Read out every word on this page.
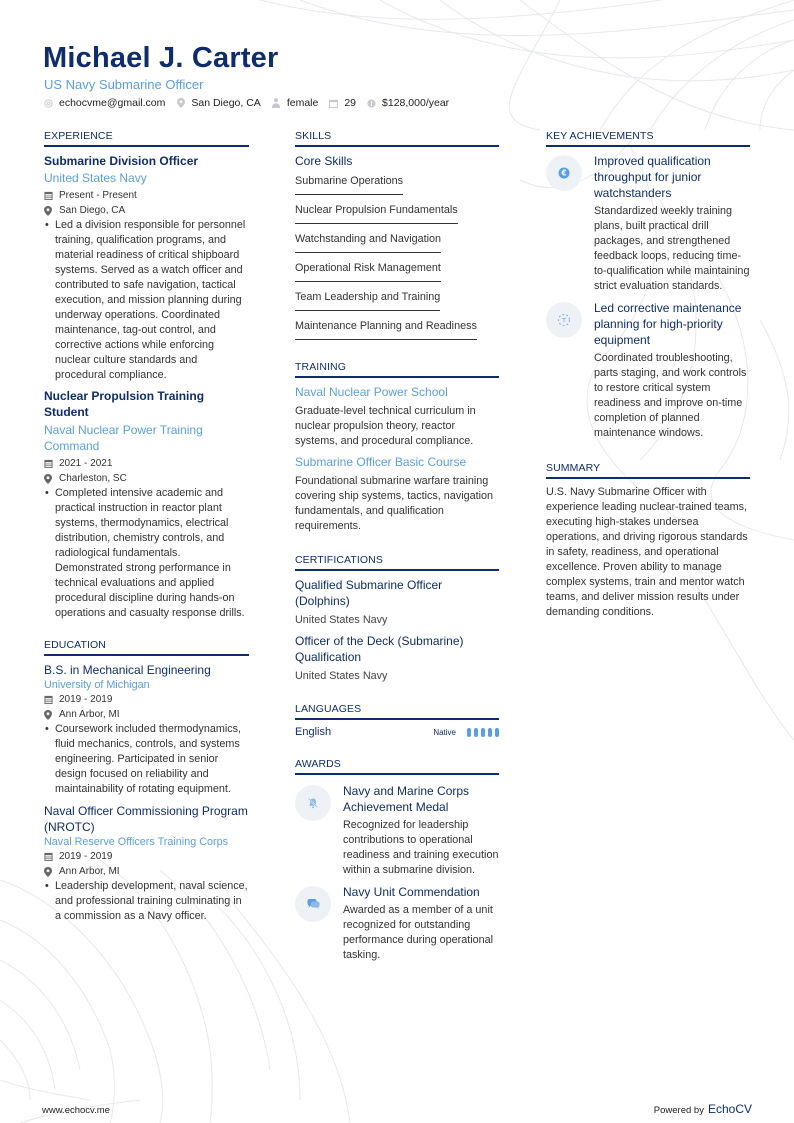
Michael J. Carter
US Navy Submarine Officer
echocvme@gmail.com San Diego, CA female 29 $128,000/year
EXPERIENCE
Submarine Division Officer
United States Navy
Present - Present
San Diego, CA
• Led a division responsible for personnel training, qualification programs, and material readiness of critical shipboard systems. Served as a watch officer and contributed to safe navigation, tactical execution, and mission planning during underway operations. Coordinated maintenance, tag-out control, and corrective actions while enforcing nuclear culture standards and procedural compliance.
Nuclear Propulsion Training Student
Naval Nuclear Power Training Command
2021 - 2021
Charleston, SC
• Completed intensive academic and practical instruction in reactor plant systems, thermodynamics, electrical distribution, chemistry controls, and radiological fundamentals. Demonstrated strong performance in technical evaluations and applied procedural discipline during hands-on operations and casualty response drills.
EDUCATION
B.S. in Mechanical Engineering
University of Michigan
2019 - 2019
Ann Arbor, MI
• Coursework included thermodynamics, fluid mechanics, controls, and systems engineering. Participated in senior design focused on reliability and maintainability of rotating equipment.
Naval Officer Commissioning Program (NROTC)
Naval Reserve Officers Training Corps
2019 - 2019
Ann Arbor, MI
• Leadership development, naval science, and professional training culminating in a commission as a Navy officer.
SKILLS
Core Skills
Submarine Operations
Nuclear Propulsion Fundamentals
Watchstanding and Navigation
Operational Risk Management
Team Leadership and Training
Maintenance Planning and Readiness
TRAINING
Naval Nuclear Power School
Graduate-level technical curriculum in nuclear propulsion theory, reactor systems, and procedural compliance.
Submarine Officer Basic Course
Foundational submarine warfare training covering ship systems, tactics, navigation fundamentals, and qualification requirements.
CERTIFICATIONS
Qualified Submarine Officer (Dolphins)
United States Navy
Officer of the Deck (Submarine) Qualification
United States Navy
LANGUAGES
English	Native
AWARDS
Navy and Marine Corps Achievement Medal
Recognized for leadership contributions to operational readiness and training execution within a submarine division.
Navy Unit Commendation
Awarded as a member of a unit recognized for outstanding performance during operational tasking.
KEY ACHIEVEMENTS
€
Improved qualification throughput for junior watchstanders
Standardized weekly training plans, built practical drill packages, and strengthened feedback loops, reducing time-to-qualification while maintaining strict evaluation standards.
Led corrective maintenance planning for high-priority equipment
Coordinated troubleshooting, parts staging, and work controls to restore critical system readiness and improve on-time completion of planned maintenance windows.
SUMMARY
U.S. Navy Submarine Officer with experience leading nuclear-trained teams, executing high-stakes undersea operations, and driving rigorous standards in safety, readiness, and operational excellence. Proven ability to manage complex systems, train and mentor watch teams, and deliver mission results under demanding conditions.
www.echocv.me	Powered by EchoCV
